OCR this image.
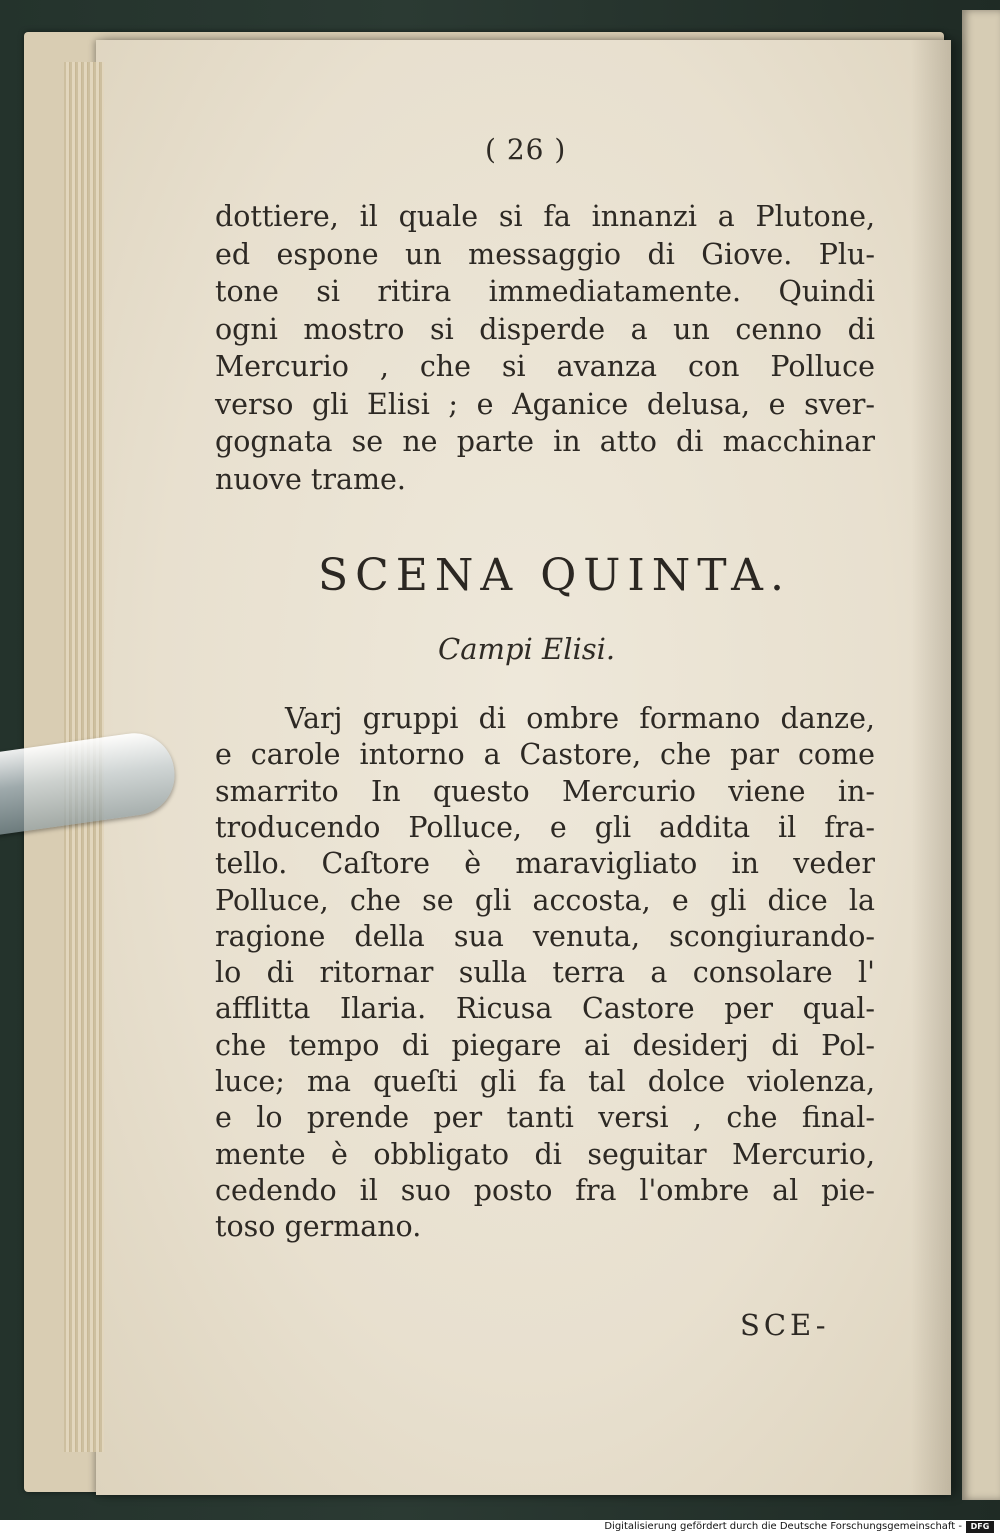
( 26 )
dottiere, il quale si fa innanzi a Plutone,
ed espone un messaggio di Giove. Plu-
tone si ritira immediatamente. Quindi
ogni mostro si disperde a un cenno di
Mercurio , che si avanza con Polluce
verso gli Elisi ; e Aganice delusa, e sver-
gognata se ne parte in atto di macchinar
nuove trame.
SCENA QUINTA.
Campi Elisi.
Varj gruppi di ombre formano danze,
e carole intorno a Castore, che par come
smarrito In questo Mercurio viene in-
troducendo Polluce, e gli addita il fra-
tello. Caſtore è maravigliato in veder
Polluce, che se gli accosta, e gli dice la
ragione della sua venuta, scongiurando-
lo di ritornar sulla terra a consolare l'
afflitta Ilaria. Ricusa Castore per qual-
che tempo di piegare ai desiderj di Pol-
luce; ma queſti gli fa tal dolce violenza,
e lo prende per tanti versi , che final-
mente è obbligato di seguitar Mercurio,
cedendo il suo posto fra l'ombre al pie-
toso germano.
SCE-
Digitalisierung gefördert durch die Deutsche Forschungsgemeinschaft -	DFG
